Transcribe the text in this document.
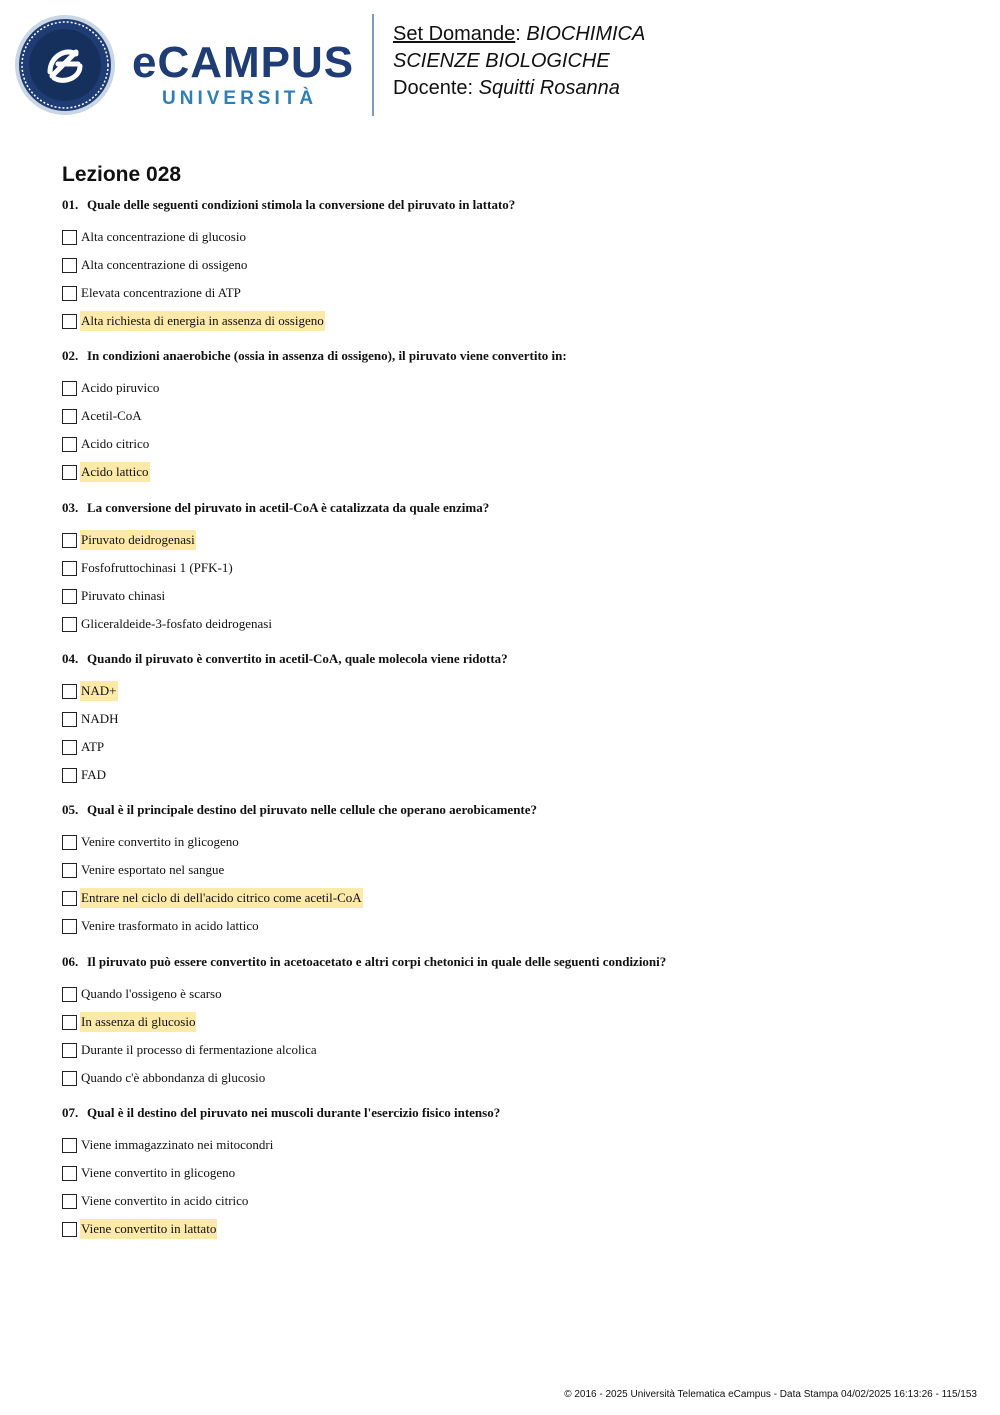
eCAMPUS
UNIVERSITÀ
Set Domande: BIOCHIMICA
SCIENZE BIOLOGICHE
Docente: Squitti Rosanna
Lezione 028
01. Quale delle seguenti condizioni stimola la conversione del piruvato in lattato?
Alta concentrazione di glucosio
Alta concentrazione di ossigeno
Elevata concentrazione di ATP
Alta richiesta di energia in assenza di ossigeno
02. In condizioni anaerobiche (ossia in assenza di ossigeno), il piruvato viene convertito in:
Acido piruvico
Acetil-CoA
Acido citrico
Acido lattico
03. La conversione del piruvato in acetil-CoA è catalizzata da quale enzima?
Piruvato deidrogenasi
Fosfofruttochinasi 1 (PFK-1)
Piruvato chinasi
Gliceraldeide-3-fosfato deidrogenasi
04. Quando il piruvato è convertito in acetil-CoA, quale molecola viene ridotta?
NAD+
NADH
ATP
FAD
05. Qual è il principale destino del piruvato nelle cellule che operano aerobicamente?
Venire convertito in glicogeno
Venire esportato nel sangue
Entrare nel ciclo di dell'acido citrico come acetil-CoA
Venire trasformato in acido lattico
06. Il piruvato può essere convertito in acetoacetato e altri corpi chetonici in quale delle seguenti condizioni?
Quando l'ossigeno è scarso
In assenza di glucosio
Durante il processo di fermentazione alcolica
Quando c'è abbondanza di glucosio
07. Qual è il destino del piruvato nei muscoli durante l'esercizio fisico intenso?
Viene immagazzinato nei mitocondri
Viene convertito in glicogeno
Viene convertito in acido citrico
Viene convertito in lattato
© 2016 - 2025 Università Telematica eCampus - Data Stampa 04/02/2025 16:13:26 - 115/153
